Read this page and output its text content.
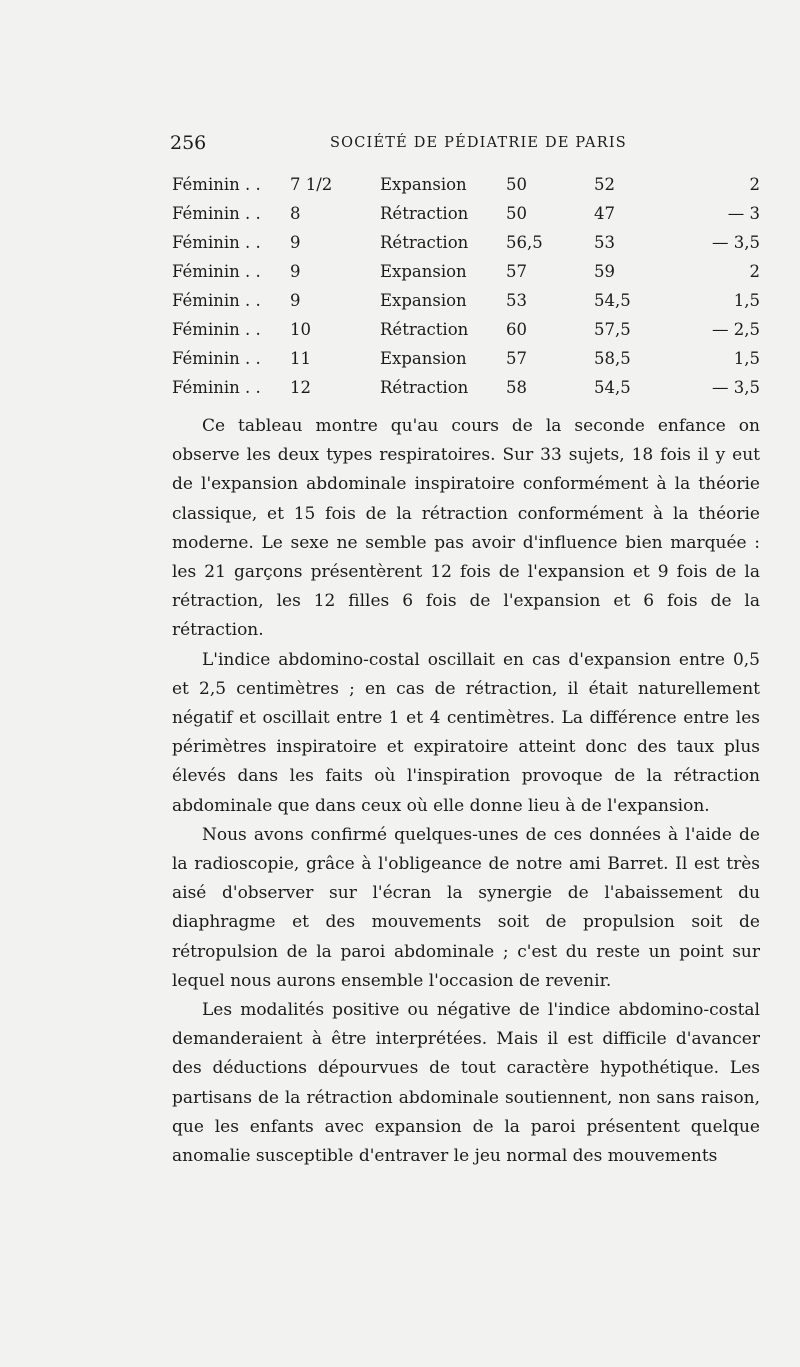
256	SOCIÉTÉ DE PÉDIATRIE DE PARIS
Féminin . .	7 1/2	Expansion	50	52	2
Féminin . .	8	Rétraction	50	47	— 3
Féminin . .	9	Rétraction	56,5	53	— 3,5
Féminin . .	9	Expansion	57	59	2
Féminin . .	9	Expansion	53	54,5	1,5
Féminin . .	10	Rétraction	60	57,5	— 2,5
Féminin . .	11	Expansion	57	58,5	1,5
Féminin . .	12	Rétraction	58	54,5	— 3,5

Ce tableau montre qu'au cours de la seconde enfance on observe les deux types respiratoires. Sur 33 sujets, 18 fois il y eut de l'expansion abdominale inspiratoire conformément à la théorie classique, et 15 fois de la rétraction conformément à la théorie moderne. Le sexe ne semble pas avoir d'influence bien marquée : les 21 garçons présentèrent 12 fois de l'expansion et 9 fois de la rétraction, les 12 filles 6 fois de l'expansion et 6 fois de la rétraction.

L'indice abdomino-costal oscillait en cas d'expansion entre 0,5 et 2,5 centimètres ; en cas de rétraction, il était naturellement négatif et oscillait entre 1 et 4 centimètres. La différence entre les périmètres inspiratoire et expiratoire atteint donc des taux plus élevés dans les faits où l'inspiration provoque de la rétraction abdominale que dans ceux où elle donne lieu à de l'expansion.

Nous avons confirmé quelques-unes de ces données à l'aide de la radioscopie, grâce à l'obligeance de notre ami Barret. Il est très aisé d'observer sur l'écran la synergie de l'abaissement du diaphragme et des mouvements soit de propulsion soit de rétropulsion de la paroi abdominale ; c'est du reste un point sur lequel nous aurons ensemble l'occasion de revenir.

Les modalités positive ou négative de l'indice abdomino-costal demanderaient à être interprétées. Mais il est difficile d'avancer des déductions dépourvues de tout caractère hypothétique. Les partisans de la rétraction abdominale soutiennent, non sans raison, que les enfants avec expansion de la paroi présentent quelque anomalie susceptible d'entraver le jeu normal des mouvements
